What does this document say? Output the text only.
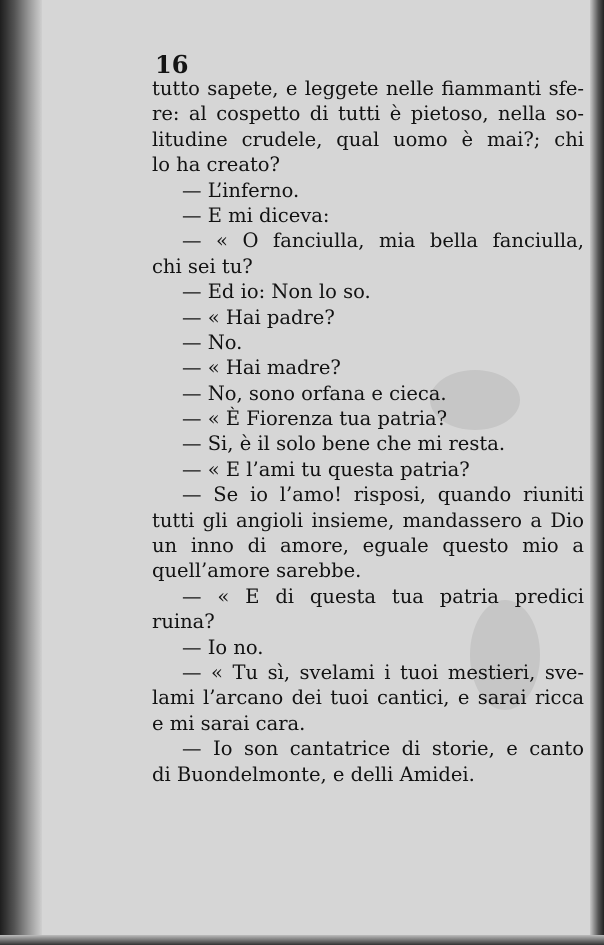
16
tutto sapete, e leggete nelle fiammanti sfe-
re: al cospetto di tutti è pietoso, nella so-
litudine crudele, qual uomo è mai?; chi
lo ha creato?
— L’inferno.
— E mi diceva:
— « O fanciulla, mia bella fanciulla,
chi sei tu?
— Ed io: Non lo so.
— « Hai padre?
— No.
— « Hai madre?
— No, sono orfana e cieca.
— « È Fiorenza tua patria?
— Si, è il solo bene che mi resta.
— « E l’ami tu questa patria?
— Se io l’amo! risposi, quando riuniti
tutti gli angioli insieme, mandassero a Dio
un inno di amore, eguale questo mio a
quell’amore sarebbe.
— « E di questa tua patria predici
ruina?
— Io no.
— « Tu sì, svelami i tuoi mestieri, sve-
lami l’arcano dei tuoi cantici, e sarai ricca
e mi sarai cara.
— Io son cantatrice di storie, e canto
di Buondelmonte, e delli Amidei.
